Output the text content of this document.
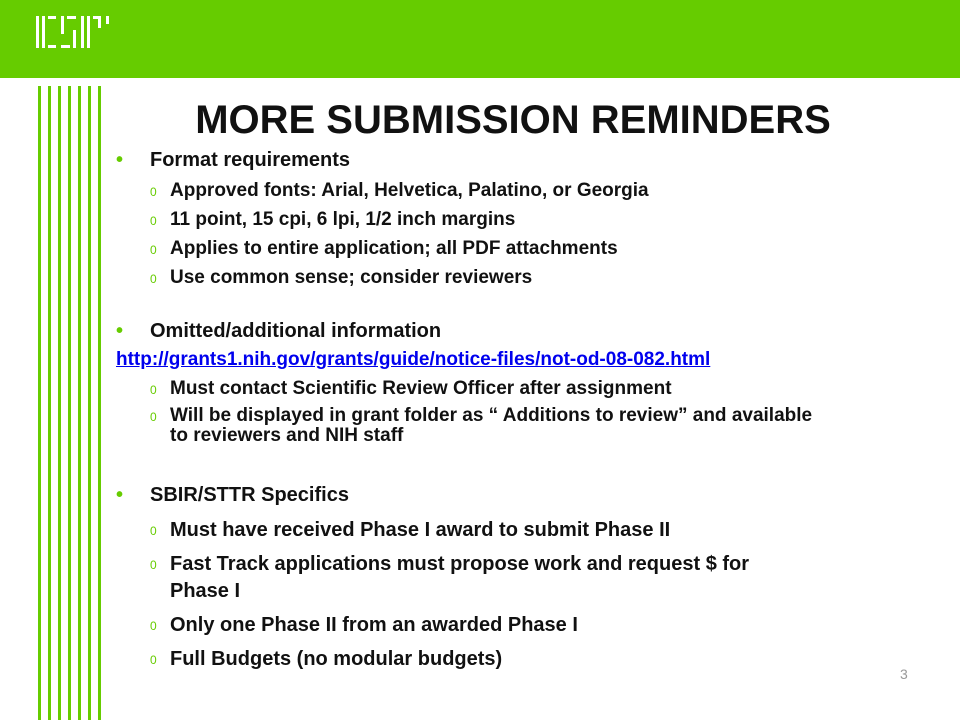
MORE SUBMISSION REMINDERS
• Format requirements
0 Approved fonts: Arial, Helvetica, Palatino, or Georgia
0 11 point, 15 cpi, 6 lpi, 1/2 inch margins
0 Applies to entire application; all PDF attachments
0 Use common sense; consider reviewers
• Omitted/additional information
http://grants1.nih.gov/grants/guide/notice-files/not-od-08-082.html
0 Must contact Scientific Review Officer after assignment
0 Will be displayed in grant folder as “ Additions to review” and available to reviewers and NIH staff
• SBIR/STTR Specifics
0 Must have received Phase I award to submit Phase II
0 Fast Track applications must propose work and request $ for Phase I
0 Only one Phase II from an awarded Phase I
0 Full Budgets (no modular budgets)
3
